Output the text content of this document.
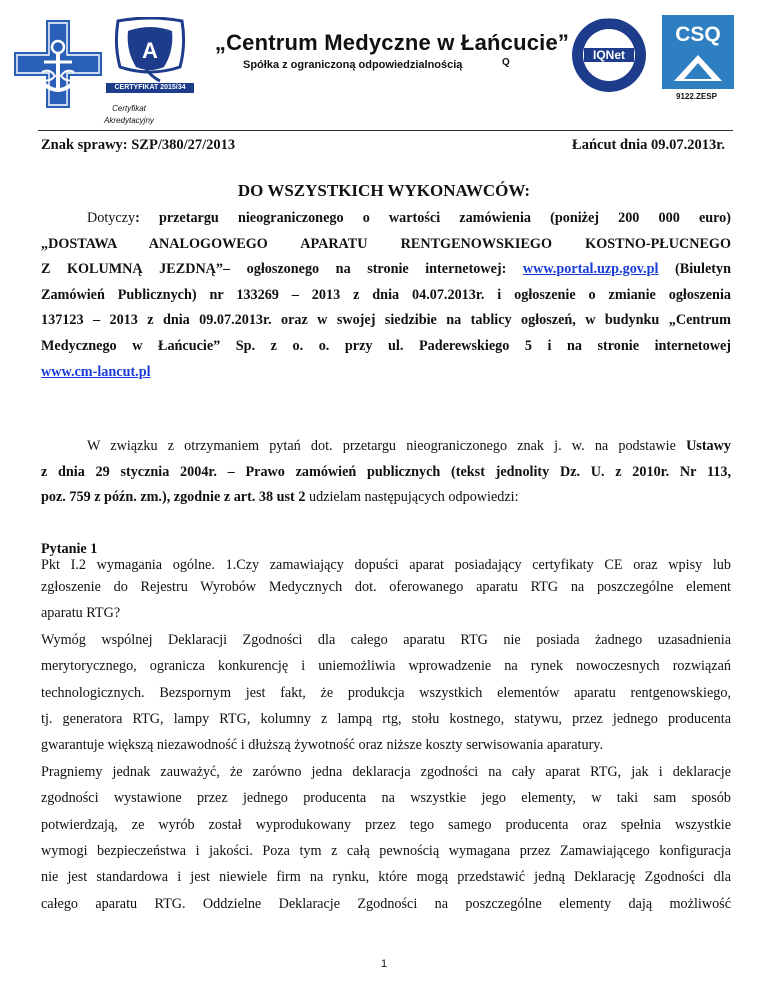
A
CERTYFIKAT 2015/34
Certyfikat
Akredytacyjny
„Centrum Medyczne w Łańcucie”
Spółka z ograniczoną odpowiedzialnością	Q
IQNet
CERTIFIED MANAGEMENT SYSTEM
CSQ
9122.ZESP
Znak sprawy: SZP/380/27/2013	Łańcut dnia 09.07.2013r.
DO WSZYSTKICH WYKONAWCÓW:
Dotyczy: przetargu nieograniczonego o wartości zamówienia (poniżej 200 000 euro)
„DOSTAWA ANALOGOWEGO APARATU RENTGENOWSKIEGO KOSTNO-PŁUCNEGO
Z KOLUMNĄ JEZDNĄ”– ogłoszonego na stronie internetowej: www.portal.uzp.gov.pl (Biuletyn
Zamówień Publicznych) nr 133269 – 2013 z dnia 04.07.2013r. i ogłoszenie o zmianie ogłoszenia
137123 – 2013 z dnia 09.07.2013r. oraz w swojej siedzibie na tablicy ogłoszeń, w budynku „Centrum
Medycznego w Łańcucie” Sp. z o. o. przy ul. Paderewskiego 5 i na stronie internetowej
www.cm-lancut.pl
W związku z otrzymaniem pytań dot. przetargu nieograniczonego znak j. w. na podstawie Ustawy
z dnia 29 stycznia 2004r. – Prawo zamówień publicznych (tekst jednolity Dz. U. z 2010r. Nr 113,
poz. 759 z późn. zm.), zgodnie z art. 38 ust 2 udzielam następujących odpowiedzi:
Pytanie 1
Pkt I.2 wymagania ogólne. 1.Czy zamawiający dopuści aparat posiadający certyfikaty CE oraz wpisy lub
zgłoszenie do Rejestru Wyrobów Medycznych dot. oferowanego aparatu RTG na poszczególne element
aparatu RTG?
Wymóg wspólnej Deklaracji Zgodności dla całego aparatu RTG nie posiada żadnego uzasadnienia
merytorycznego, ogranicza konkurencję i uniemożliwia wprowadzenie na rynek nowoczesnych rozwiązań
technologicznych. Bezspornym jest fakt, że produkcja wszystkich elementów aparatu rentgenowskiego,
tj. generatora RTG, lampy RTG, kolumny z lampą rtg, stołu kostnego, statywu, przez jednego producenta
gwarantuje większą niezawodność i dłuższą żywotność oraz niższe koszty serwisowania aparatury.
Pragniemy jednak zauważyć, że zarówno jedna deklaracja zgodności na cały aparat RTG, jak i deklaracje
zgodności wystawione przez jednego producenta na wszystkie jego elementy, w taki sam sposób
potwierdzają, ze wyrób został wyprodukowany przez tego samego producenta oraz spełnia wszystkie
wymogi bezpieczeństwa i jakości. Poza tym z całą pewnością wymagana przez Zamawiającego konfiguracja
nie jest standardowa i jest niewiele firm na rynku, które mogą przedstawić jedną Deklarację Zgodności dla
całego aparatu RTG. Oddzielne Deklaracje Zgodności na poszczególne elementy dają możliwość
1
